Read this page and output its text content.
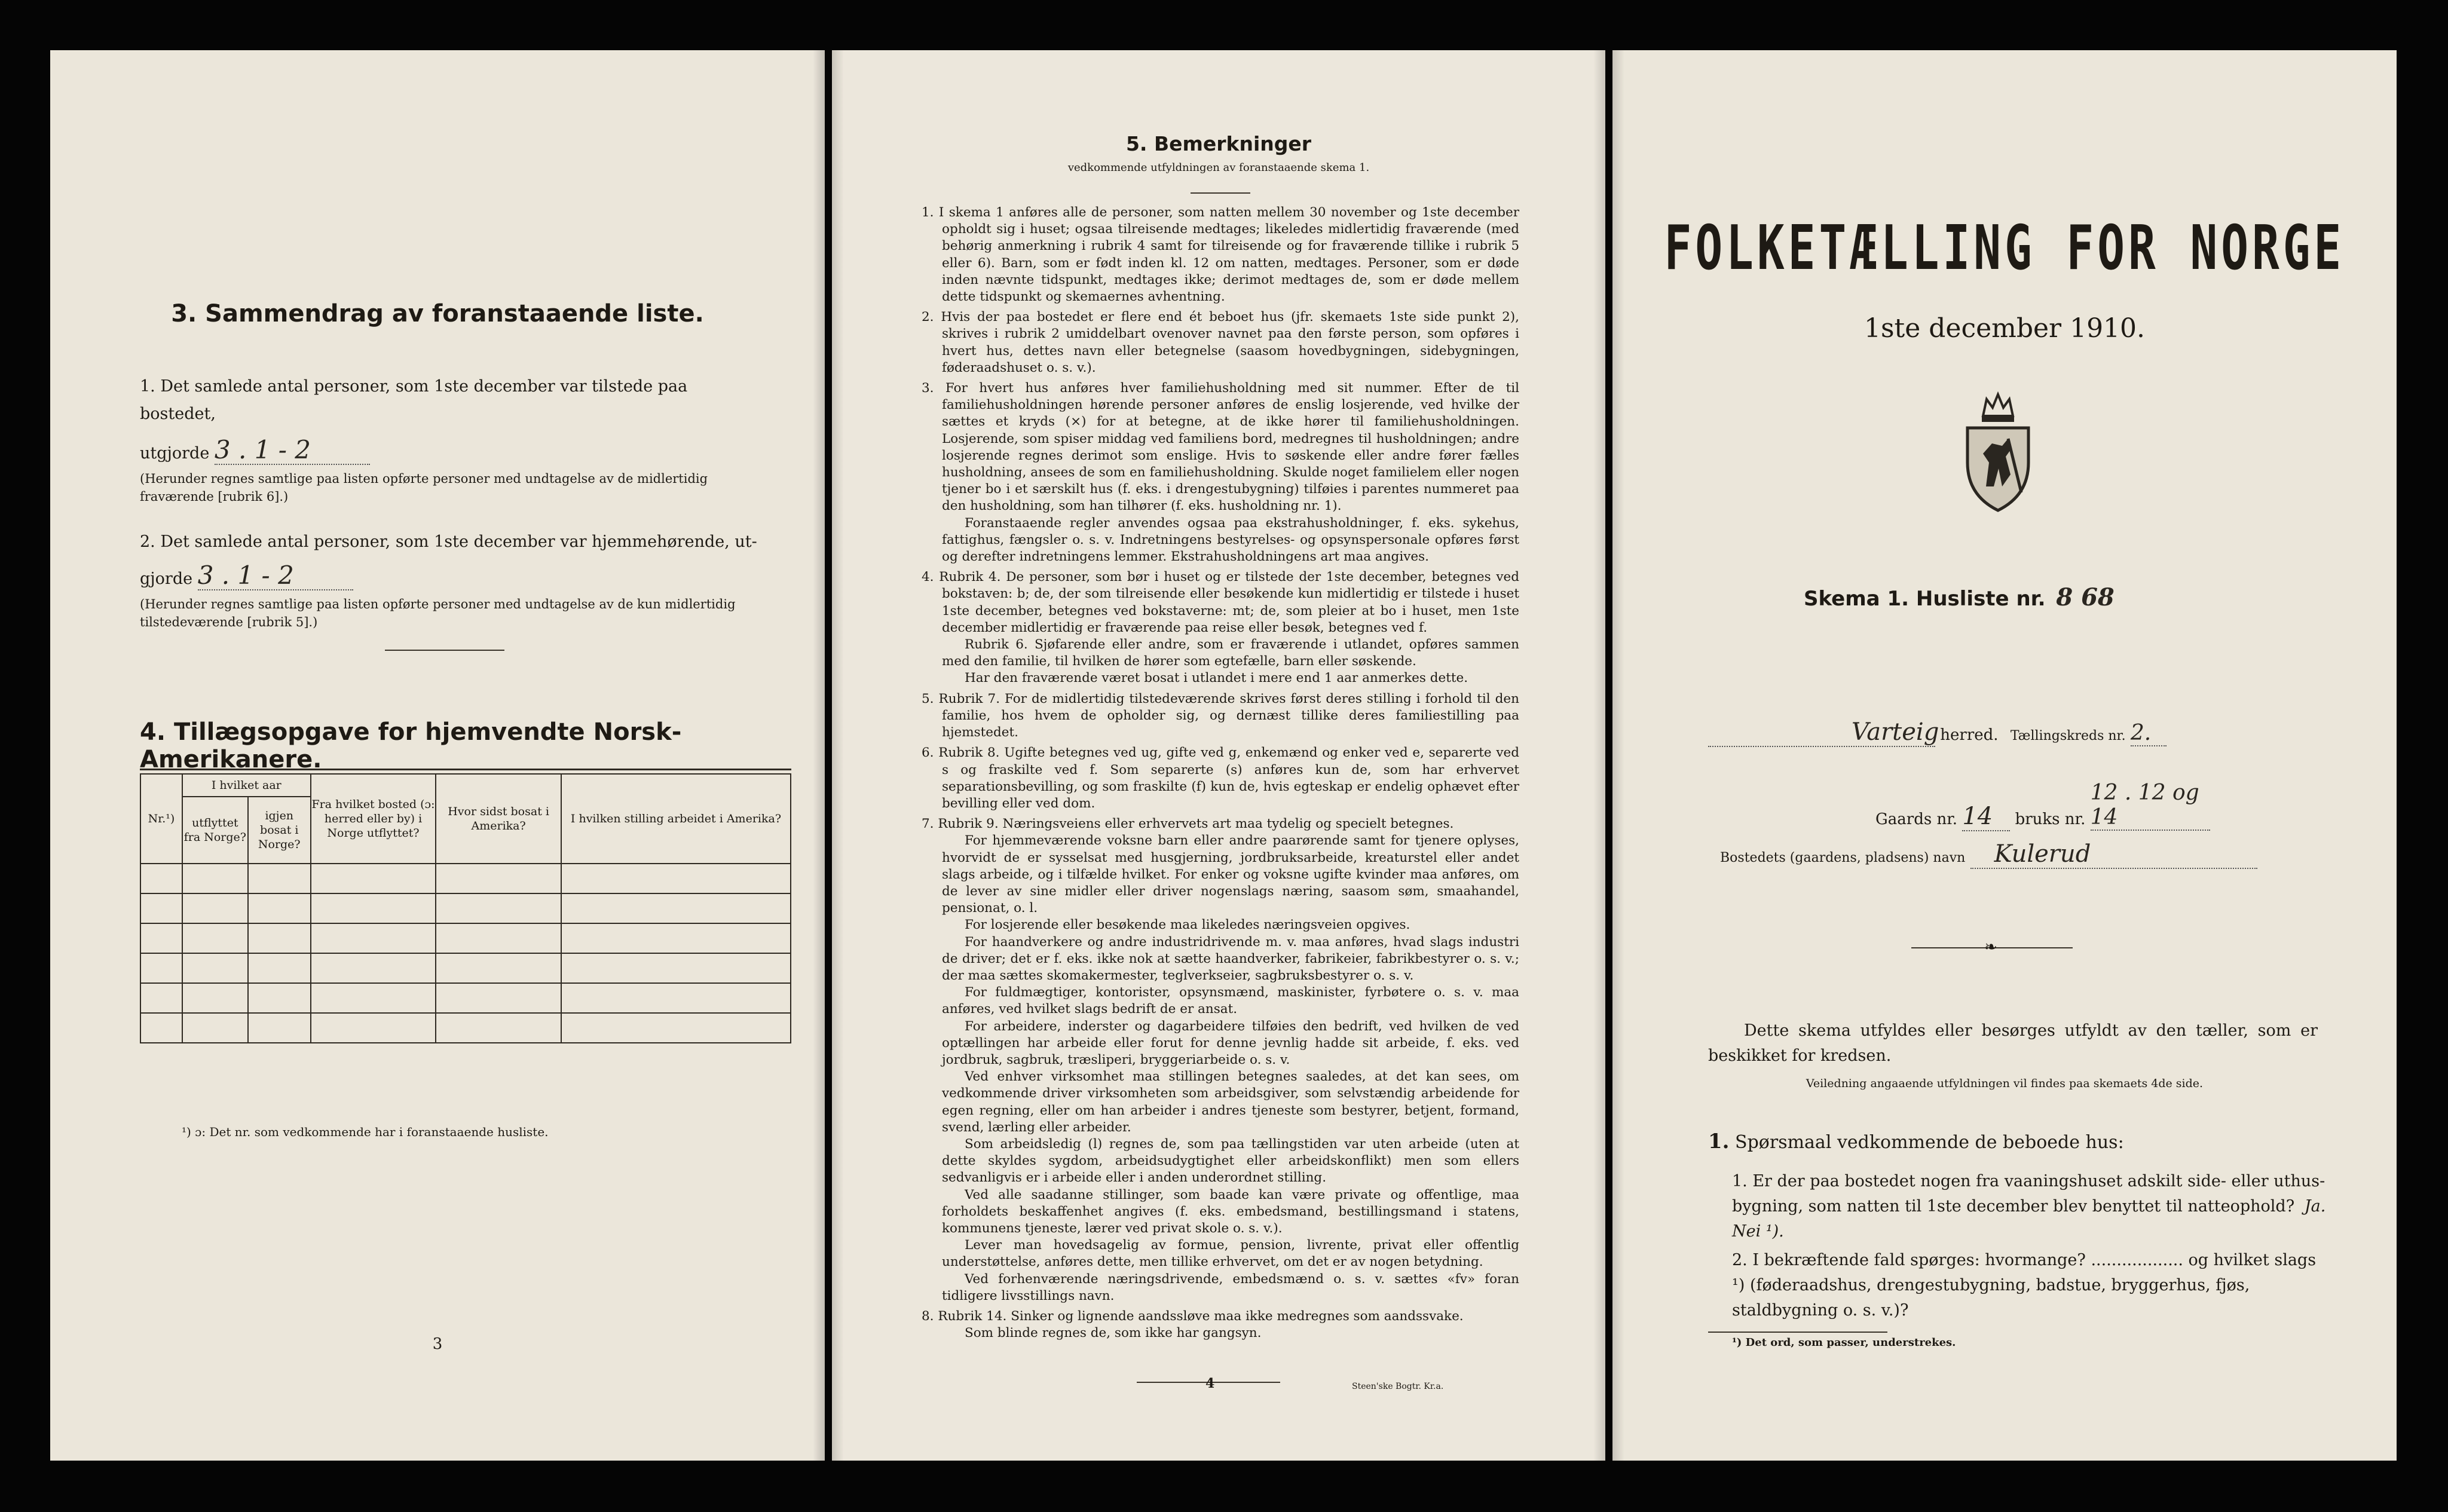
3. Sammendrag av foranstaaende liste.
1. Det samlede antal personer, som 1ste december var tilstede paa bostedet,
utgjorde 3 . 1 - 2
(Herunder regnes samtlige paa listen opførte personer med undtagelse av de midlertidig fraværende [rubrik 6].)
2. Det samlede antal personer, som 1ste december var hjemmehørende, ut-
gjorde 3 . 1 - 2
(Herunder regnes samtlige paa listen opførte personer med undtagelse av de kun midlertidig tilstedeværende [rubrik 5].)
4. Tillægsopgave for hjemvendte Norsk-Amerikanere.
Nr.¹)	I hvilket aar		Fra hvilket bosted (ɔ: herred eller by) i Norge utflyttet?	Hvor sidst bosat i Amerika?	I hvilken stilling arbeidet i Amerika?
	utflyttet fra Norge?	igjen bosat i Norge?			

¹) ɔ: Det nr. som vedkommende har i foranstaaende husliste.
3
5. Bemerkninger
vedkommende utfyldningen av foranstaaende skema 1.

1. I skema 1 anføres alle de personer, som natten mellem 30 november og 1ste december opholdt sig i huset; ogsaa tilreisende medtages; likeledes midlertidig fraværende (med behørig anmerkning i rubrik 4 samt for tilreisende og for fraværende tillike i rubrik 5 eller 6). Barn, som er født inden kl. 12 om natten, medtages. Personer, som er døde inden nævnte tidspunkt, medtages ikke; derimot medtages de, som er døde mellem dette tidspunkt og skemaernes avhentning.

2. Hvis der paa bostedet er flere end ét beboet hus (jfr. skemaets 1ste side punkt 2), skrives i rubrik 2 umiddelbart ovenover navnet paa den første person, som opføres i hvert hus, dettes navn eller betegnelse (saasom hovedbygningen, sidebygningen, føderaadshuset o. s. v.).

3. For hvert hus anføres hver familiehusholdning med sit nummer. Efter de til familiehusholdningen hørende personer anføres de enslig losjerende, ved hvilke der sættes et kryds (×) for at betegne, at de ikke hører til familiehusholdningen. Losjerende, som spiser middag ved familiens bord, medregnes til husholdningen; andre losjerende regnes derimot som enslige. Hvis to søskende eller andre fører fælles husholdning, ansees de som en familiehusholdning. Skulde noget familielem eller nogen tjener bo i et særskilt hus (f. eks. i drengestubygning) tilføies i parentes nummeret paa den husholdning, som han tilhører (f. eks. husholdning nr. 1).

Foranstaaende regler anvendes ogsaa paa ekstrahusholdninger, f. eks. sykehus, fattighus, fængsler o. s. v. Indretningens bestyrelses- og opsynspersonale opføres først og derefter indretningens lemmer. Ekstrahusholdningens art maa angives.

4. Rubrik 4. De personer, som bør i huset og er tilstede der 1ste december, betegnes ved bokstaven: b; de, der som tilreisende eller besøkende kun midlertidig er tilstede i huset 1ste december, betegnes ved bokstaverne: mt; de, som pleier at bo i huset, men 1ste december midlertidig er fraværende paa reise eller besøk, betegnes ved f.

Rubrik 6. Sjøfarende eller andre, som er fraværende i utlandet, opføres sammen med den familie, til hvilken de hører som egtefælle, barn eller søskende.

Har den fraværende været bosat i utlandet i mere end 1 aar anmerkes dette.

5. Rubrik 7. For de midlertidig tilstedeværende skrives først deres stilling i forhold til den familie, hos hvem de opholder sig, og dernæst tillike deres familiestilling paa hjemstedet.

6. Rubrik 8. Ugifte betegnes ved ug, gifte ved g, enkemænd og enker ved e, separerte ved s og fraskilte ved f. Som separerte (s) anføres kun de, som har erhvervet separationsbevilling, og som fraskilte (f) kun de, hvis egteskap er endelig ophævet efter bevilling eller ved dom.

7. Rubrik 9. Næringsveiens eller erhvervets art maa tydelig og specielt betegnes.

For hjemmeværende voksne barn eller andre paarørende samt for tjenere oplyses, hvorvidt de er sysselsat med husgjerning, jordbruksarbeide, kreaturstel eller andet slags arbeide, og i tilfælde hvilket. For enker og voksne ugifte kvinder maa anføres, om de lever av sine midler eller driver nogenslags næring, saasom søm, smaahandel, pensionat, o. l.

For losjerende eller besøkende maa likeledes næringsveien opgives.

For haandverkere og andre industridrivende m. v. maa anføres, hvad slags industri de driver; det er f. eks. ikke nok at sætte haandverker, fabrikeier, fabrikbestyrer o. s. v.; der maa sættes skomakermester, teglverkseier, sagbruksbestyrer o. s. v.

For fuldmægtiger, kontorister, opsynsmænd, maskinister, fyrbøtere o. s. v. maa anføres, ved hvilket slags bedrift de er ansat.

For arbeidere, inderster og dagarbeidere tilføies den bedrift, ved hvilken de ved optællingen har arbeide eller forut for denne jevnlig hadde sit arbeide, f. eks. ved jordbruk, sagbruk, træsliperi, bryggeriarbeide o. s. v.

Ved enhver virksomhet maa stillingen betegnes saaledes, at det kan sees, om vedkommende driver virksomheten som arbeidsgiver, som selvstændig arbeidende for egen regning, eller om han arbeider i andres tjeneste som bestyrer, betjent, formand, svend, lærling eller arbeider.

Som arbeidsledig (l) regnes de, som paa tællingstiden var uten arbeide (uten at dette skyldes sygdom, arbeidsudygtighet eller arbeidskonflikt) men som ellers sedvanligvis er i arbeide eller i anden underordnet stilling.

Ved alle saadanne stillinger, som baade kan være private og offentlige, maa forholdets beskaffenhet angives (f. eks. embedsmand, bestillingsmand i statens, kommunens tjeneste, lærer ved privat skole o. s. v.).

Lever man hovedsagelig av formue, pension, livrente, privat eller offentlig understøttelse, anføres dette, men tillike erhvervet, om det er av nogen betydning.

Ved forhenværende næringsdrivende, embedsmænd o. s. v. sættes «fv» foran tidligere livsstillings navn.

8. Rubrik 14. Sinker og lignende aandssløve maa ikke medregnes som aandssvake.

Som blinde regnes de, som ikke har gangsyn.

4	Steen'ske Bogtr. Kr.a.
FOLKETÆLLING FOR NORGE
1ste december 1910.
Skema 1. Husliste nr. 8 68
Varteig herred. Tællingskreds nr. 2.
Gaards nr. 14 bruks nr. 12 . 12 og 14
Bostedets (gaardens, pladsens) navn Kulerud
❧
Dette skema utfyldes eller besørges utfyldt av den tæller, som er beskikket for kredsen.
Veiledning angaaende utfyldningen vil findes paa skemaets 4de side.
1. Spørsmaal vedkommende de beboede hus:
1. Er der paa bostedet nogen fra vaaningshuset adskilt side- eller uthus-bygning, som natten til 1ste december blev benyttet til natteophold? Ja. Nei ¹).
2. I bekræftende fald spørges: hvormange? .................. og hvilket slags ¹) (føderaadshus, drengestubygning, badstue, bryggerhus, fjøs, staldbygning o. s. v.)?
¹) Det ord, som passer, understrekes.
